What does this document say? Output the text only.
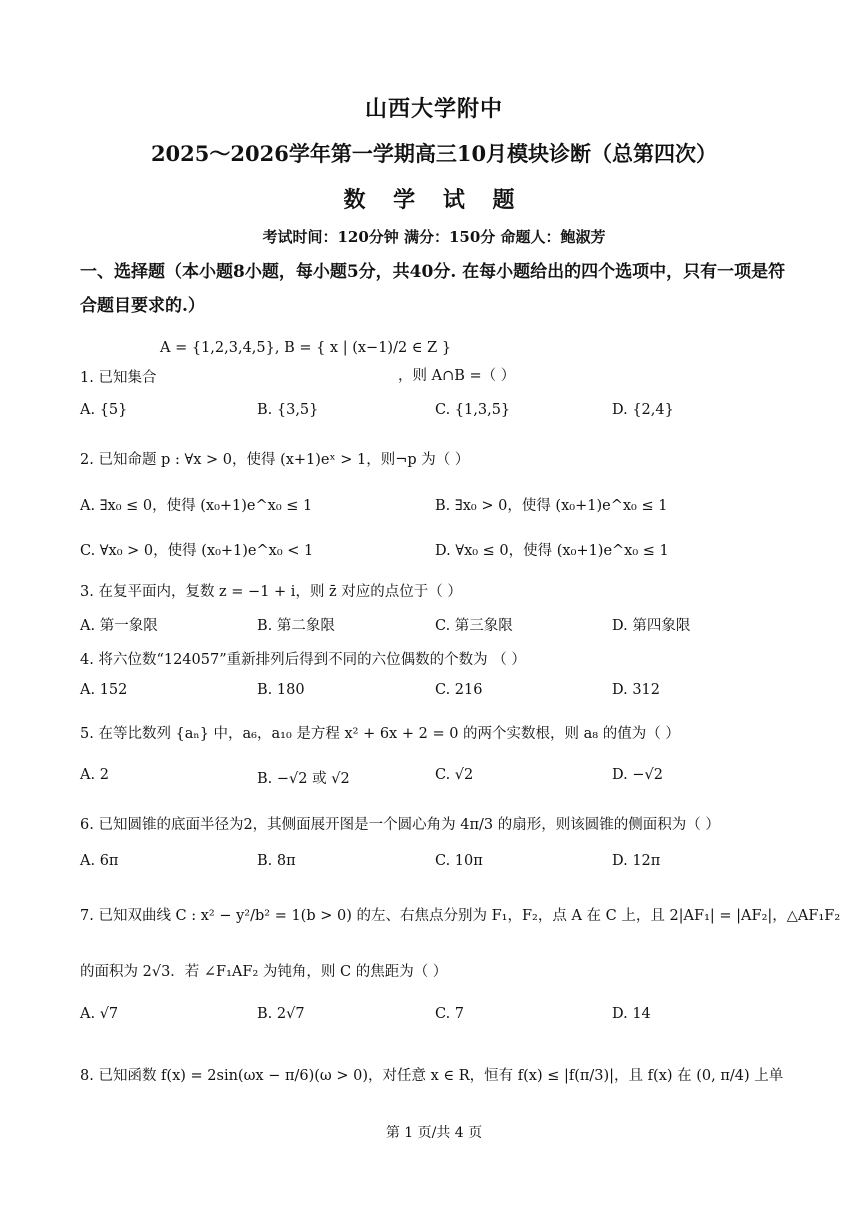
山西大学附中
2025～2026学年第一学期高三10月模块诊断（总第四次）
数 学 试 题
考试时间：120分钟 满分：150分 命题人：鲍淑芳
一、选择题（本小题8小题，每小题5分，共40分. 在每小题给出的四个选项中，只有一项是符合题目要求的.）
A = {1,2,3,4,5}, B = { x | (x−1)/2 ∈ Z }
1. 已知集合	，则 A∩B =（ ）
A. {5}	B. {3,5}	C. {1,3,5}	D. {2,4}
2. 已知命题 p : ∀x > 0，使得 (x+1)eˣ > 1，则¬p 为（ ）
A. ∃x₀ ≤ 0，使得 (x₀+1)e^x₀ ≤ 1	B. ∃x₀ > 0，使得 (x₀+1)e^x₀ ≤ 1
C. ∀x₀ > 0，使得 (x₀+1)e^x₀ < 1	D. ∀x₀ ≤ 0，使得 (x₀+1)e^x₀ ≤ 1
3. 在复平面内，复数 z = −1 + i，则 z̄ 对应的点位于（ ）
A. 第一象限	B. 第二象限	C. 第三象限	D. 第四象限
4. 将六位数“124057”重新排列后得到不同的六位偶数的个数为 （ ）
A. 152	B. 180	C. 216	D. 312
5. 在等比数列 {aₙ} 中，a₆，a₁₀ 是方程 x² + 6x + 2 = 0 的两个实数根，则 a₈ 的值为（ ）
A. 2	B. −√2 或 √2	C. √2	D. −√2
6. 已知圆锥的底面半径为2，其侧面展开图是一个圆心角为 4π/3 的扇形，则该圆锥的侧面积为（ ）
A. 6π	B. 8π	C. 10π	D. 12π
7. 已知双曲线 C : x² − y²/b² = 1(b > 0) 的左、右焦点分别为 F₁，F₂，点 A 在 C 上，且 2|AF₁| = |AF₂|，△AF₁F₂
的面积为 2√3．若 ∠F₁AF₂ 为钝角，则 C 的焦距为（ ）
A. √7	B. 2√7	C. 7	D. 14
8. 已知函数 f(x) = 2sin(ωx − π/6)(ω > 0)，对任意 x ∈ R，恒有 f(x) ≤ |f(π/3)|，且 f(x) 在 (0, π/4) 上单
第 1 页/共 4 页
